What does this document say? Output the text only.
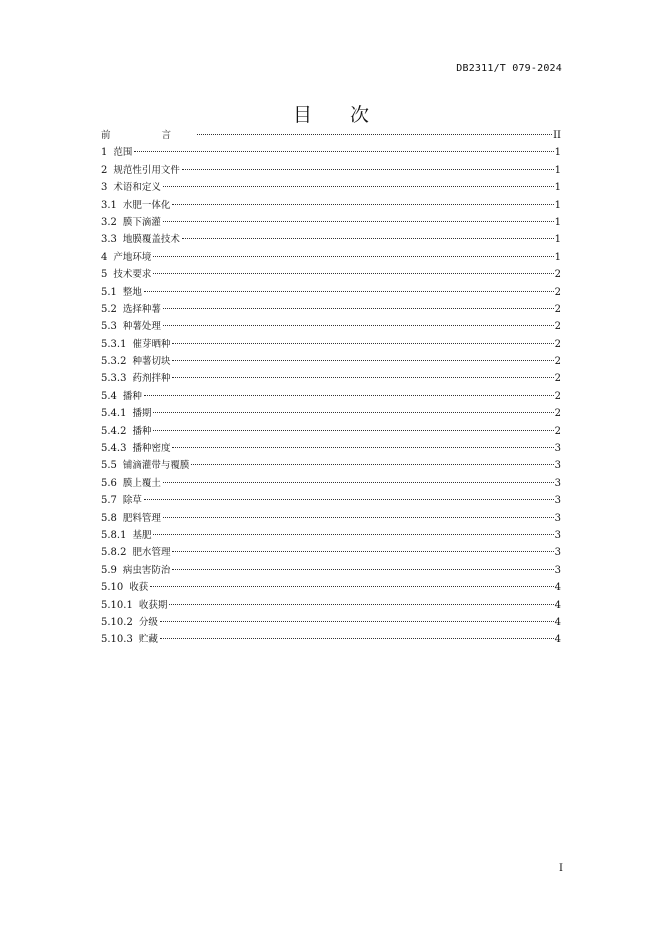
DB2311/T 079-2024
目 次
前 言	II
1 范围	1
2 规范性引用文件	1
3 术语和定义	1
3.1 水肥一体化	1
3.2 膜下滴灌	1
3.3 地膜覆盖技术	1
4 产地环境	1
5 技术要求	2
5.1 整地	2
5.2 选择种薯	2
5.3 种薯处理	2
5.3.1 催芽晒种	2
5.3.2 种薯切块	2
5.3.3 药剂拌种	2
5.4 播种	2
5.4.1 播期	2
5.4.2 播种	2
5.4.3 播种密度	3
5.5 铺滴灌带与覆膜	3
5.6 膜上覆土	3
5.7 除草	3
5.8 肥料管理	3
5.8.1 基肥	3
5.8.2 肥水管理	3
5.9 病虫害防治	3
5.10 收获	4
5.10.1 收获期	4
5.10.2 分级	4
5.10.3 贮藏	4
I
